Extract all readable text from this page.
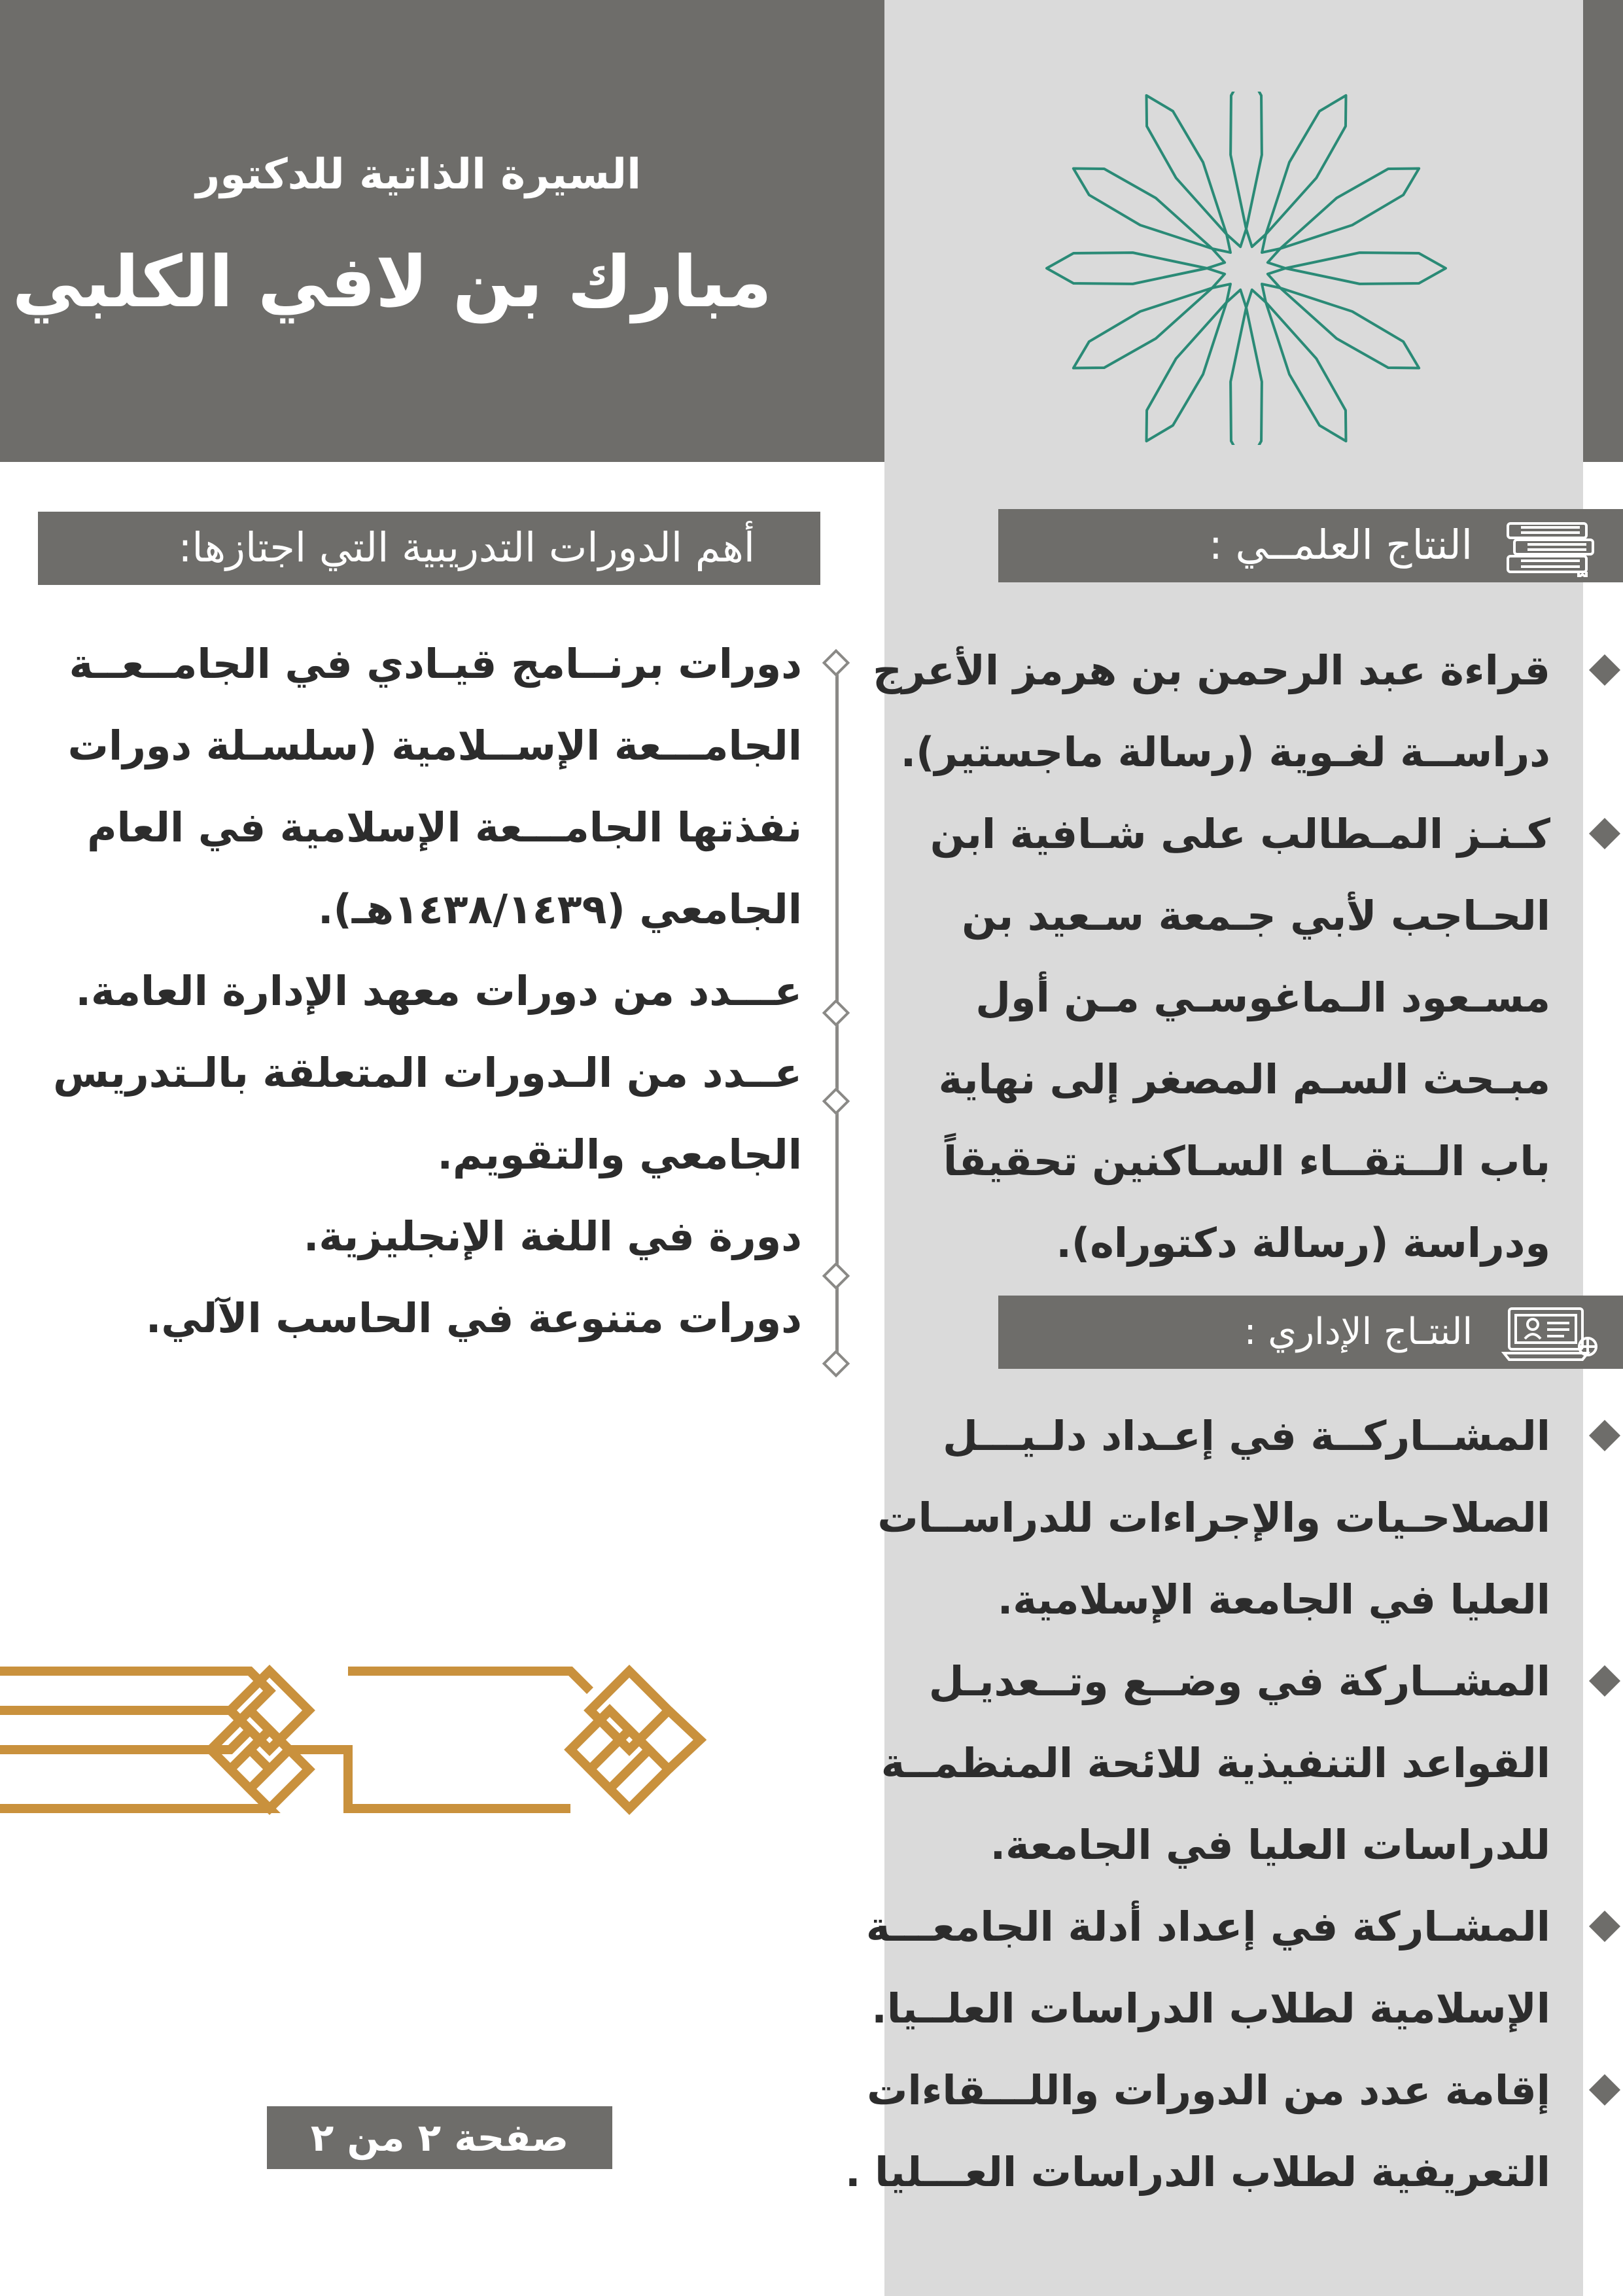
السيرة الذاتية للدكتور
مبارك بن لافي الكلبي
أهم الدورات التدريبية التي اجتازها:
دورات برنــامج قيـادي في الجامــعــة
الجامـــعة الإســلامية (سلسـلة دورات
نفذتها الجامـــعة الإسلامية في العام
الجامعي (١٤٣٨/١٤٣٩هـ).
عـــدد من دورات معهد الإدارة العامة.
عــدد من الـدورات المتعلقة بالـتدريس
الجامعي والتقويم.
دورة في اللغة الإنجليزية.
دورات متنوعة في الحاسب الآلي.
النتاج العلمــي :
قراءة عبد الرحمن بن هرمز الأعرج
دراســة لغـوية (رسالة ماجستير).
كـنـز المـطالب على شـافية ابن
الحـاجب لأبي جـمعة سـعيد بن
مسـعود الـماغوسـي مـن أول
مبـحث السـم المصغر إلى نهاية
باب الــتقــاء السـاكنين تحقيقاً
ودراسة (رسالة دكتوراه).
النتـاج الإداري :
المشــاركــة في إعـداد دلـيـــل
الصلاحـيات والإجراءات للدراســات
العليا في الجامعة الإسلامية.
المشــاركة في وضــع وتــعديـل
القواعد التنفيذية للائحة المنظمــة
للدراسات العليا في الجامعة.
المشـاركة في إعداد أدلة الجامعـــة
الإسلامية لطلاب الدراسات العلــيا.
إقامة عدد من الدورات واللـــقاءات
التعريفية لطلاب الدراسات العـــليا .
صفحة ٢ من ٢
